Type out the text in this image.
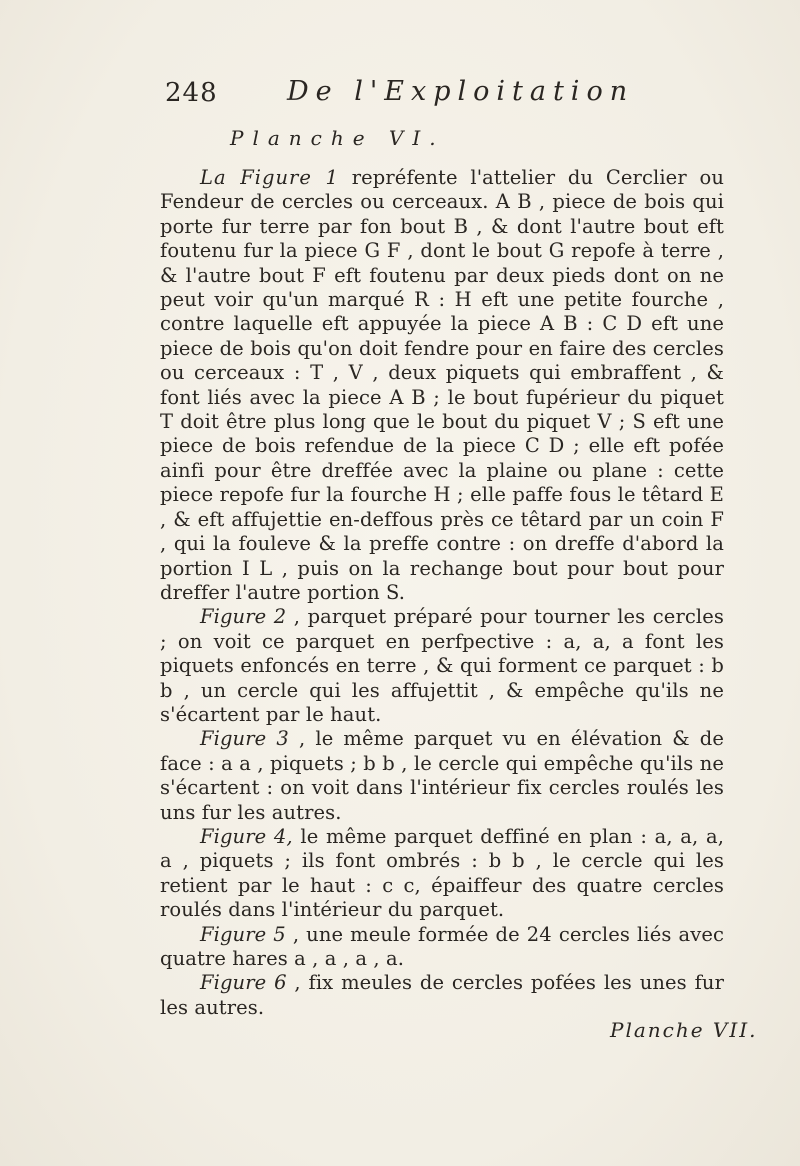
248	De l'Exploitation
Planche VI.

La Figure 1 repréfente l'attelier du Cerclier ou Fendeur de cercles ou cerceaux. A B , piece de bois qui porte fur terre par fon bout B , & dont l'autre bout eft foutenu fur la piece G F , dont le bout G repofe à terre , & l'autre bout F eft foutenu par deux pieds dont on ne peut voir qu'un marqué R : H eft une petite fourche , contre laquelle eft appuyée la piece A B : C D eft une piece de bois qu'on doit fendre pour en faire des cercles ou cerceaux : T , V , deux piquets qui embraffent , & font liés avec la piece A B ; le bout fupérieur du piquet T doit être plus long que le bout du piquet V ; S eft une piece de bois refendue de la piece C D ; elle eft pofée ainfi pour être dreffée avec la plaine ou plane : cette piece repofe fur la fourche H ; elle paffe fous le têtard E , & eft affujettie en-deffous près ce têtard par un coin F , qui la fouleve & la preffe contre : on dreffe d'abord la portion I L , puis on la rechange bout pour bout pour dreffer l'autre portion S.

Figure 2 , parquet préparé pour tourner les cercles ; on voit ce parquet en perfpective : a, a, a font les piquets enfoncés en terre , & qui forment ce parquet : b b , un cercle qui les affujettit , & empêche qu'ils ne s'écartent par le haut.

Figure 3 , le même parquet vu en élévation & de face : a a , piquets ; b b , le cercle qui empêche qu'ils ne s'écartent : on voit dans l'intérieur fix cercles roulés les uns fur les autres.

Figure 4, le même parquet deffiné en plan : a, a, a, a , piquets ; ils font ombrés : b b , le cercle qui les retient par le haut : c c, épaiffeur des quatre cercles roulés dans l'intérieur du parquet.

Figure 5 , une meule formée de 24 cercles liés avec quatre hares a , a , a , a.

Figure 6 , fix meules de cercles pofées les unes fur les autres.

Planche VII.
